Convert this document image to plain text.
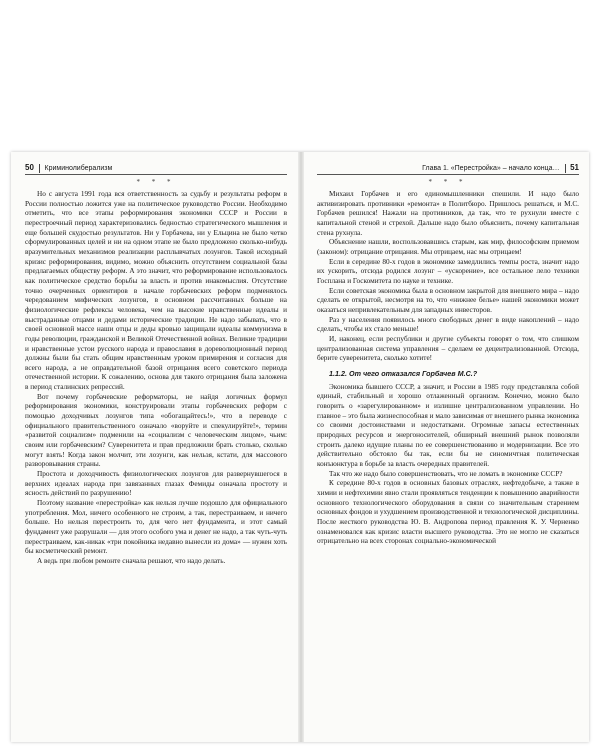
50 Криминолиберализм
* * *

Но с августа 1991 года вся ответственность за судьбу и результаты реформ в России полностью ложится уже на политическое руководство России. Необходимо отметить, что все этапы реформирования экономики СССР и России в перестроечный период характеризовались бедностью стратегического мышления и еще большей скудостью результатов. Ни у Горбачева, ни у Ельцина не было четко сформулированных целей и ни на одном этапе не было предложено сколько-нибудь вразумительных механизмов реализации расплывчатых лозунгов. Такой исходный кризис реформирования, видимо, можно объяснить отсутствием социальной базы предлагаемых обществу реформ. А это значит, что реформирование использовалось как политическое средство борьбы за власть и против инакомыслия. Отсутствие точно очерченных ориентиров в начале горбачевских реформ подменялось чередованием мифических лозунгов, в основном рассчитанных больше на физиологические рефлексы человека, чем на высокие нравственные идеалы и выстраданные отцами и дедами исторические традиции. Не надо забывать, что в своей основной массе наши отцы и деды кровью защищали идеалы коммунизма в годы революции, гражданской и Великой Отечественной войнах. Великие традиции и нравственные устои русского народа и православия в дореволюционный период должны были бы стать общим нравственным уроком примирения и согласия для всего народа, а не оправдательной базой отрицания всего советского периода отечественной истории. К сожалению, основа для такого отрицания была заложена в период сталинских репрессий.

Вот почему горбачевские реформаторы, не найдя логичных формул реформирования экономики, конструировали этапы горбачевских реформ с помощью доходчивых лозунгов типа «обогащайтесь!», что в переводе с официального правительственного означало «воруйте и спекулируйте!», термин «развитой социализм» подменили на «социализм с человеческим лицом», чьим: своим или горбачевским? Суверенитета и прав предложили брать столько, сколько могут взять! Когда закон молчит, эти лозунги, как нельзя, кстати, для массового разворовывания страны.

Простота и доходчивость физиологических лозунгов для развернувшегося в верхних идеалах народа при завязанных глазах Фемиды означала простоту и ясность действий по разрушению!

Поэтому название «перестройка» как нельзя лучше подошло для официального употребления. Мол, ничего особенного не строим, а так, перестраиваем, и ничего больше. Но нельзя перестроить то, для чего нет фундамента, и этот самый фундамент уже разрушали — для этого особого ума и денег не надо, а так чуть-чуть перестраиваем, как-никак «три покойника недавно вынесли из дома» — нужен хоть бы косметический ремонт.

А ведь при любом ремонте сначала решают, что надо делать.

Глава 1. «Перестройка» – начало конца… 51
* * *

Михаил Горбачев и его единомышленники спешили. И надо было активизировать противники «ремонта» в Политбюро. Пришлось решаться, и М.С. Горбачев решился! Нажали на противников, да так, что те рухнули вместе с капитальной стеной и стрехой. Дальше надо было объяснить, почему капитальная стена рухнула.

Объяснение нашли, воспользовавшись старым, как мир, философским приемом (законом): отрицание отрицания. Мы отрицаем, нас мы отрицаем!

Если в середине 80-х годов в экономике замедлились темпы роста, значит надо их ускорить, отсюда родился лозунг – «ускорение», все остальное лело техники Госплана и Госкомитета по науке и технике.

Если советская экономика была в основном закрытой для внешнего мира – надо сделать ее открытой, несмотря на то, что «нижнее белье» нашей экономики может оказаться непривлекательным для западных инвесторов.

Раз у населения появилось много свободных денег в виде накоплений – надо сделать, чтобы их стало меньше!

И, наконец, если республики и другие субъекты говорят о том, что слишком централизованная система управления – сделаем ее децентрализованной. Отсюда, берите суверенитета, сколько хотите!

1.1.2. От чего отказался Горбачев М.С.?

Экономика бывшего СССР, а значит, и России в 1985 году представляла собой единый, стабильный и хорошо отлаженный организм. Конечно, можно было говорить о «зарегулированном» и излишне централизованном управлении. Но главное – это была жизнеспособная и мало зависимая от внешнего рынка экономика со своими достоинствами и недостатками. Огромные запасы естественных природных ресурсов и энергоносителей, обширный внешний рынок позволяли строить далеко идущие планы по ее совершенствованию и модернизации. Все это действительно обстояло бы так, если бы не синомичтная политическая конъюнктура в борьбе за власть очередных правителей.

Так что же надо было совершенствовать, что не ломать в экономике СССР?

К середине 80-х годов в основных базовых отраслях, нефтедобыче, а также в химии и нефтехимии явно стали проявляться тенденции к повышению аварийности основного технологического оборудования в связи со значительным старением основных фондов и ухудшением производственной и технологической дисциплины. После жесткого руководства Ю. В. Андропова период правления К. У. Черненко ознаменовался как кризис власти высшего руководства. Это не могло не сказаться отрицательно на всех сторонах социально-экономической
